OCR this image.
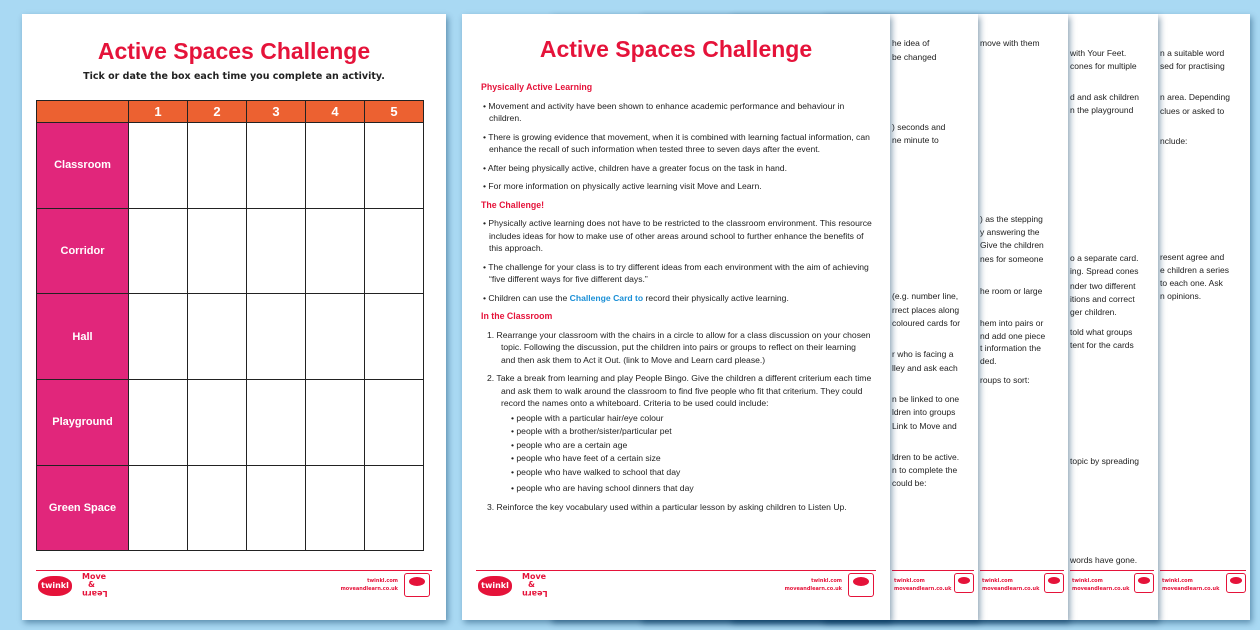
n a suitable word
sed for practising
n area. Depending
clues or asked to
nclude:
resent agree and
e children a series
to each one. Ask
n opinions.
twinkl.com
moveandlearn.co.uk
with Your Feet.
cones for multiple
d and ask children
n the playground
o a separate card.
ing. Spread cones
nder two different
itions and correct
ger children.
told what groups
tent for the cards
topic by spreading
words have gone.
twinkl.com
moveandlearn.co.uk
move with them
) as the stepping
y answering the
Give the children
nes for someone
he room or large
hem into pairs or
nd add one piece
t information the
ded.
roups to sort:
twinkl.com
moveandlearn.co.uk
he idea of
be changed
) seconds and
ne minute to
(e.g. number line,
rrect places along
coloured cards for
r who is facing a
lley and ask each
n be linked to one
ldren into groups
Link to Move and
ldren to be active.
n to complete the
could be:
twinkl.com
moveandlearn.co.uk
Active Spaces Challenge
Tick or date the box each time you complete an activity.
	1	2	3	4	5
Classroom					
Corridor					
Hall					
Playground					
Green Space					
twinkl
Move
&
Learn
twinkl.com
moveandlearn.co.uk
Active Spaces Challenge
Physically Active Learning
• Movement and activity have been shown to enhance academic performance and behaviour in children.
• There is growing evidence that movement, when it is combined with learning factual information, can enhance the recall of such information when tested three to seven days after the event.
• After being physically active, children have a greater focus on the task in hand.
• For more information on physically active learning visit Move and Learn.
The Challenge!
• Physically active learning does not have to be restricted to the classroom environment. This resource includes ideas for how to make use of other areas around school to further enhance the benefits of this approach.
• The challenge for your class is to try different ideas from each environment with the aim of achieving “five different ways for five different days.”
• Children can use the Challenge Card to record their physically active learning.
In the Classroom
1. Rearrange your classroom with the chairs in a circle to allow for a class discussion on your chosen topic. Following the discussion, put the children into pairs or groups to reflect on their learning and then ask them to Act it Out. (link to Move and Learn card please.)
2. Take a break from learning and play People Bingo. Give the children a different criterium each time and ask them to walk around the classroom to find five people who fit that criterium. They could record the names onto a whiteboard. Criteria to be used could include:
• people with a particular hair/eye colour
• people with a brother/sister/particular pet
• people who are a certain age
• people who have feet of a certain size
• people who have walked to school that day
• people who are having school dinners that day
3. Reinforce the key vocabulary used within a particular lesson by asking children to Listen Up.
twinkl
Move
&
Learn
twinkl.com
moveandlearn.co.uk
